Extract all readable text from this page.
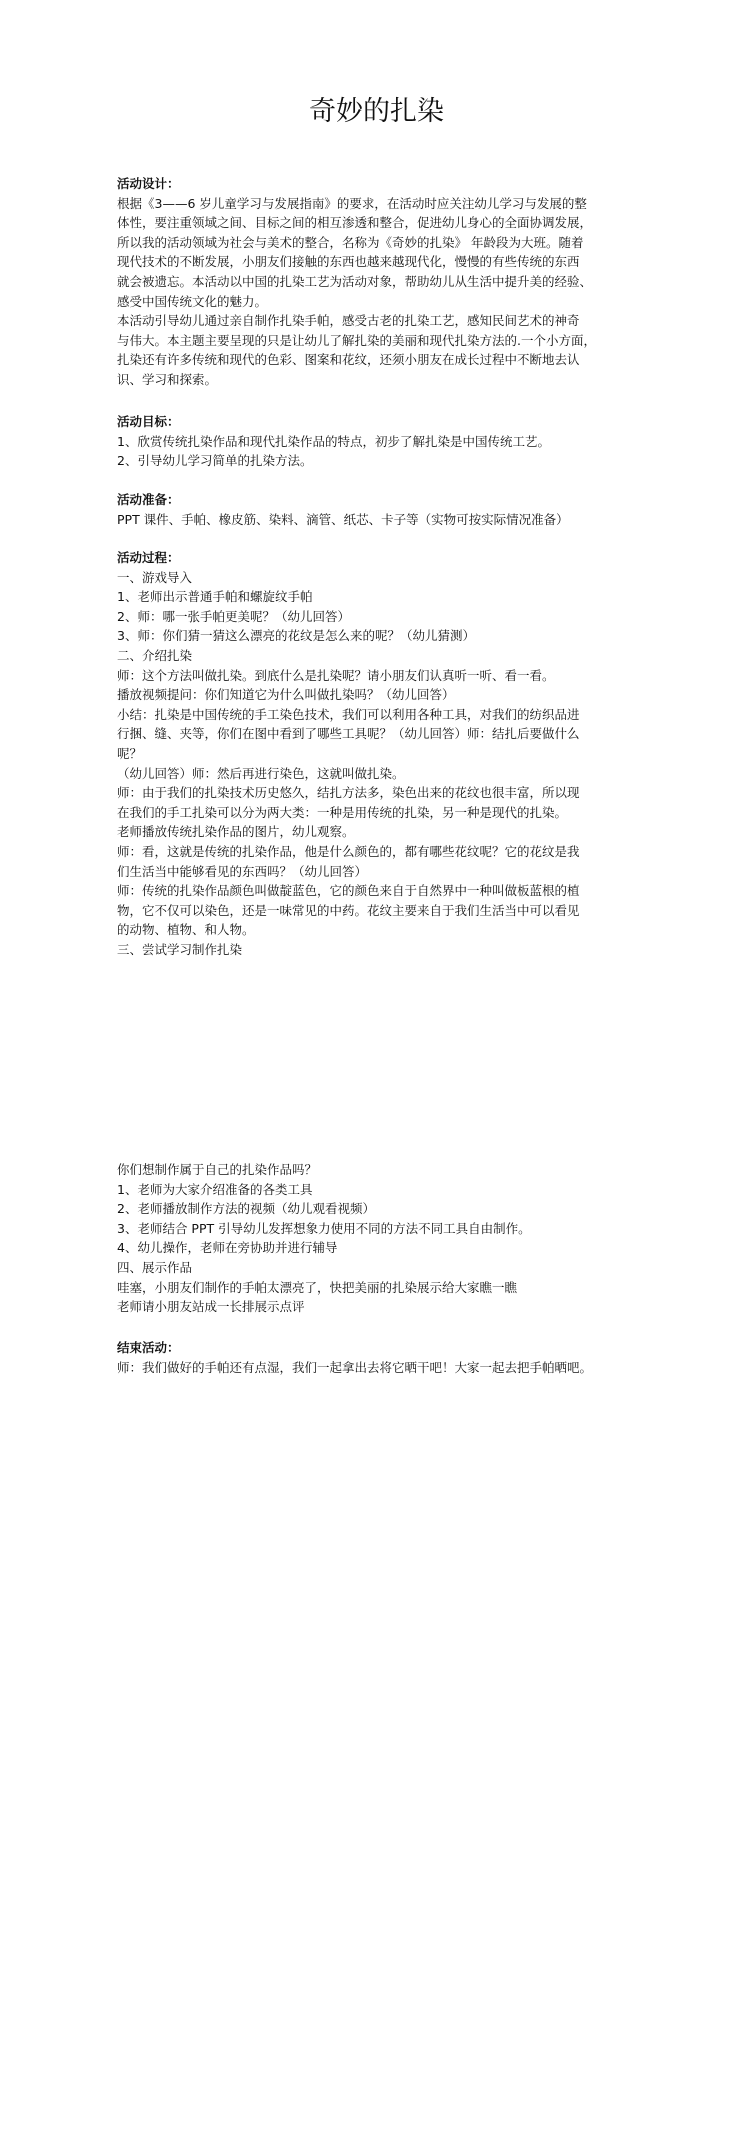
奇妙的扎染

活动设计：

根据《3——6 岁儿童学习与发展指南》的要求，在活动时应关注幼儿学习与发展的整

体性，要注重领域之间、目标之间的相互渗透和整合，促进幼儿身心的全面协调发展，

所以我的活动领域为社会与美术的整合，名称为《奇妙的扎染》 年龄段为大班。随着

现代技术的不断发展，小朋友们接触的东西也越来越现代化，慢慢的有些传统的东西

就会被遗忘。本活动以中国的扎染工艺为活动对象，帮助幼儿从生活中提升美的经验、

感受中国传统文化的魅力。

本活动引导幼儿通过亲自制作扎染手帕，感受古老的扎染工艺，感知民间艺术的神奇

与伟大。本主题主要呈现的只是让幼儿了解扎染的美丽和现代扎染方法的.一个小方面，

扎染还有许多传统和现代的色彩、图案和花纹，还须小朋友在成长过程中不断地去认

识、学习和探索。

活动目标：

1、欣赏传统扎染作品和现代扎染作品的特点，初步了解扎染是中国传统工艺。

2、引导幼儿学习简单的扎染方法。

活动准备：

PPT 课件、手帕、橡皮筋、染料、滴管、纸芯、卡子等（实物可按实际情况准备）

活动过程：

一、游戏导入

1、老师出示普通手帕和螺旋纹手帕

2、师：哪一张手帕更美呢？（幼儿回答）

3、师：你们猜一猜这么漂亮的花纹是怎么来的呢？（幼儿猜测）

二、介绍扎染

师：这个方法叫做扎染。到底什么是扎染呢？请小朋友们认真听一听、看一看。

播放视频提问：你们知道它为什么叫做扎染吗？（幼儿回答）

小结：扎染是中国传统的手工染色技术，我们可以利用各种工具，对我们的纺织品进

行捆、缝、夹等，你们在图中看到了哪些工具呢？（幼儿回答）师：结扎后要做什么

呢？

（幼儿回答）师：然后再进行染色，这就叫做扎染。

师：由于我们的扎染技术历史悠久，结扎方法多，染色出来的花纹也很丰富，所以现

在我们的手工扎染可以分为两大类：一种是用传统的扎染，另一种是现代的扎染。

老师播放传统扎染作品的图片，幼儿观察。

师：看，这就是传统的扎染作品，他是什么颜色的，都有哪些花纹呢？它的花纹是我

们生活当中能够看见的东西吗？（幼儿回答）

师：传统的扎染作品颜色叫做靛蓝色，它的颜色来自于自然界中一种叫做板蓝根的植

物，它不仅可以染色，还是一味常见的中药。花纹主要来自于我们生活当中可以看见

的动物、植物、和人物。

三、尝试学习制作扎染

你们想制作属于自己的扎染作品吗？

1、老师为大家介绍准备的各类工具

2、老师播放制作方法的视频（幼儿观看视频）

3、老师结合 PPT 引导幼儿发挥想象力使用不同的方法不同工具自由制作。

4、幼儿操作，老师在旁协助并进行辅导

四、展示作品

哇塞，小朋友们制作的手帕太漂亮了，快把美丽的扎染展示给大家瞧一瞧

老师请小朋友站成一长排展示点评

结束活动：

师：我们做好的手帕还有点湿，我们一起拿出去将它晒干吧！大家一起去把手帕晒吧。
